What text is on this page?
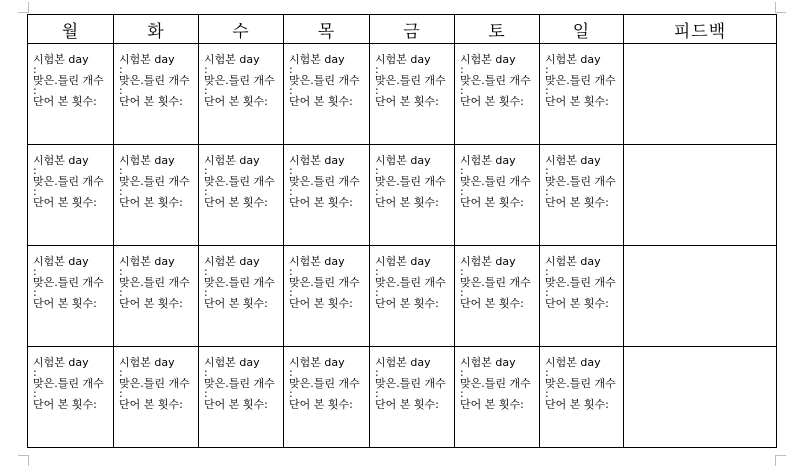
월	화	수	목	금	토	일	피드백

시험본 day
:
맞은.틀린 개수
:
단어 본 횟수:	시험본 day
:
맞은.틀린 개수
:
단어 본 횟수:	시험본 day
:
맞은.틀린 개수
:
단어 본 횟수:	시험본 day
:
맞은.틀린 개수
:
단어 본 횟수:	시험본 day
:
맞은.틀린 개수
:
단어 본 횟수:	시험본 day
:
맞은.틀린 개수
:
단어 본 횟수:	시험본 day
:
맞은.틀린 개수
:
단어 본 횟수:	

시험본 day
:
맞은.틀린 개수
:
단어 본 횟수:	시험본 day
:
맞은.틀린 개수
:
단어 본 횟수:	시험본 day
:
맞은.틀린 개수
:
단어 본 횟수:	시험본 day
:
맞은.틀린 개수
:
단어 본 횟수:	시험본 day
:
맞은.틀린 개수
:
단어 본 횟수:	시험본 day
:
맞은.틀린 개수
:
단어 본 횟수:	시험본 day
:
맞은.틀린 개수
:
단어 본 횟수:	

시험본 day
:
맞은.틀린 개수
:
단어 본 횟수:	시험본 day
:
맞은.틀린 개수
:
단어 본 횟수:	시험본 day
:
맞은.틀린 개수
:
단어 본 횟수:	시험본 day
:
맞은.틀린 개수
:
단어 본 횟수:	시험본 day
:
맞은.틀린 개수
:
단어 본 횟수:	시험본 day
:
맞은.틀린 개수
:
단어 본 횟수:	시험본 day
:
맞은.틀린 개수
:
단어 본 횟수:	

시험본 day
:
맞은.틀린 개수
:
단어 본 횟수:	시험본 day
:
맞은.틀린 개수
:
단어 본 횟수:	시험본 day
:
맞은.틀린 개수
:
단어 본 횟수:	시험본 day
:
맞은.틀린 개수
:
단어 본 횟수:	시험본 day
:
맞은.틀린 개수
:
단어 본 횟수:	시험본 day
:
맞은.틀린 개수
:
단어 본 횟수:	시험본 day
:
맞은.틀린 개수
:
단어 본 횟수:	
